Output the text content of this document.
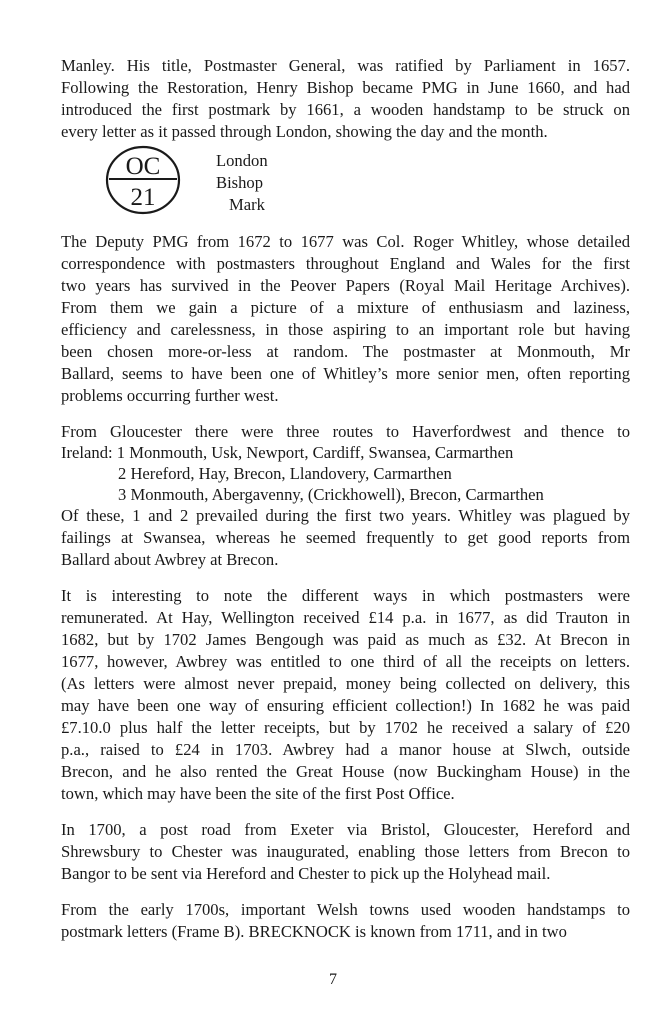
Manley. His title, Postmaster General, was ratified by Parliament in 1657.
Following the Restoration, Henry Bishop became PMG in June 1660, and had
introduced the first postmark by 1661, a wooden handstamp to be struck on
every letter as it passed through London, showing the day and the month.
OC
21
London
Bishop
Mark
The Deputy PMG from 1672 to 1677 was Col. Roger Whitley, whose detailed
correspondence with postmasters throughout England and Wales for the first
two years has survived in the Peover Papers (Royal Mail Heritage Archives).
From them we gain a picture of a mixture of enthusiasm and laziness,
efficiency and carelessness, in those aspiring to an important role but having
been chosen more-or-less at random. The postmaster at Monmouth, Mr
Ballard, seems to have been one of Whitley’s more senior men, often reporting
problems occurring further west.
From Gloucester there were three routes to Haverfordwest and thence to
Ireland: 1 Monmouth, Usk, Newport, Cardiff, Swansea, Carmarthen
2 Hereford, Hay, Brecon, Llandovery, Carmarthen
3 Monmouth, Abergavenny, (Crickhowell), Brecon, Carmarthen
Of these, 1 and 2 prevailed during the first two years. Whitley was plagued by
failings at Swansea, whereas he seemed frequently to get good reports from
Ballard about Awbrey at Brecon.
It is interesting to note the different ways in which postmasters were
remunerated. At Hay, Wellington received £14 p.a. in 1677, as did Trauton in
1682, but by 1702 James Bengough was paid as much as £32. At Brecon in
1677, however, Awbrey was entitled to one third of all the receipts on letters.
(As letters were almost never prepaid, money being collected on delivery, this
may have been one way of ensuring efficient collection!) In 1682 he was paid
£7.10.0 plus half the letter receipts, but by 1702 he received a salary of £20
p.a., raised to £24 in 1703. Awbrey had a manor house at Slwch, outside
Brecon, and he also rented the Great House (now Buckingham House) in the
town, which may have been the site of the first Post Office.
In 1700, a post road from Exeter via Bristol, Gloucester, Hereford and
Shrewsbury to Chester was inaugurated, enabling those letters from Brecon to
Bangor to be sent via Hereford and Chester to pick up the Holyhead mail.
From the early 1700s, important Welsh towns used wooden handstamps to
postmark letters (Frame B). BRECKNOCK is known from 1711, and in two
7
